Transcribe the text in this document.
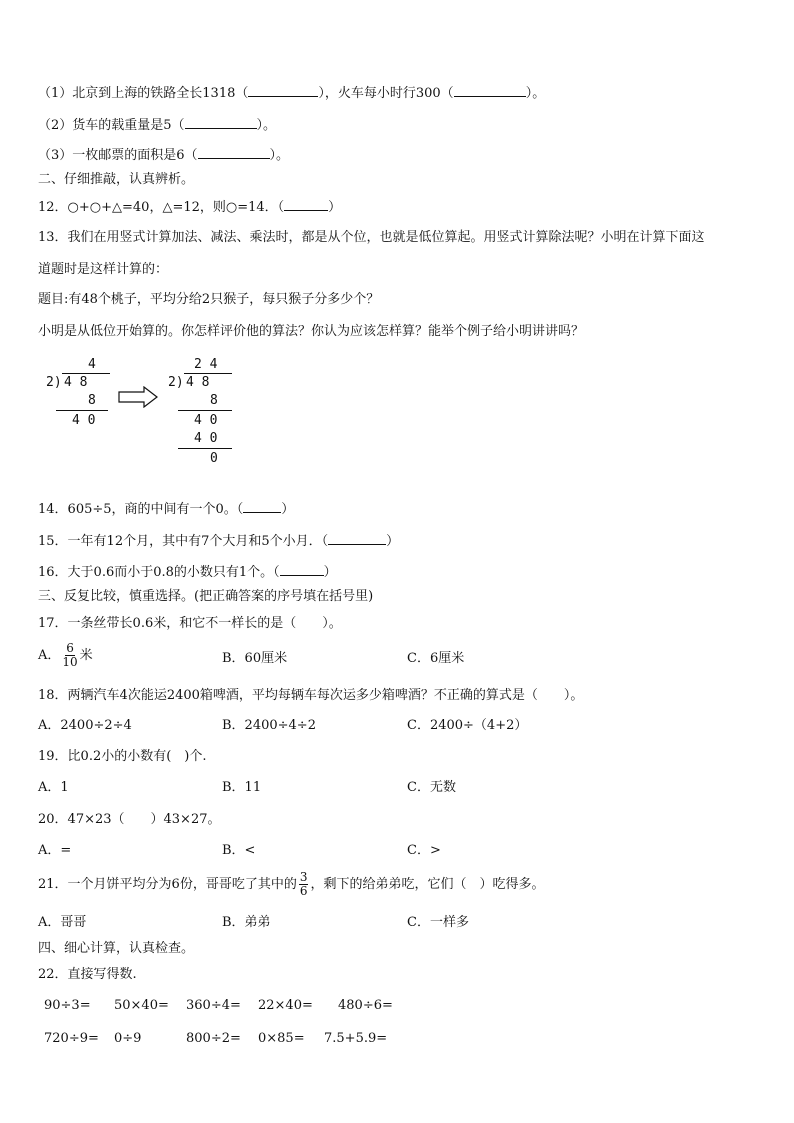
（1）北京到上海的铁路全长1318（	），火车每小时行300（	）。
（2）货车的载重量是5（	）。
（3）一枚邮票的面积是6（	）。
二、仔细推敲，认真辨析。
12．○+○+△=40，△=12，则○=14．（	）
13．我们在用竖式计算加法、减法、乘法时，都是从个位，也就是低位算起。用竖式计算除法呢？小明在计算下面这
道题时是这样计算的：
题目:有48个桃子，平均分给2只猴子，每只猴子分多少个？
小明是从低位开始算的。你怎样评价他的算法？你认为应该怎样算？能举个例子给小明讲讲吗？
4
2) 4 8
8
4 0
2 4
2) 4 8
8
4 0
4 0
0
14．605÷5，商的中间有一个0。（	）
15．一年有12个月，其中有7个大月和5个小月．（	）
16．大于0.6而小于0.8的小数只有1个。（	）
三、反复比较，慎重选择。(把正确答案的序号填在括号里)
17．一条丝带长0.6米，和它不一样长的是（　　）。
A． $\frac{6}{10}$ 米	B．60厘米	C．6厘米
18．两辆汽车4次能运2400箱啤酒，平均每辆车每次运多少箱啤酒？不正确的算式是（　　）。
A．2400÷2÷4	B．2400÷4÷2	C．2400÷（4+2）
19．比0.2小的小数有(　)个.
A．1	B．11	C．无数
20．47×23（　　）43×27。
A．=	B．<	C．>
21．一个月饼平均分为6份，哥哥吃了其中的 $\frac{3}{6}$ ，剩下的给弟弟吃，它们（　）吃得多。
A．哥哥	B．弟弟	C．一样多
四、细心计算，认真检查。
22．直接写得数.
90÷3= 50×40= 360÷4= 22×40= 480÷6=
720÷9= 0÷9	800÷2= 0×85= 7.5+5.9=
